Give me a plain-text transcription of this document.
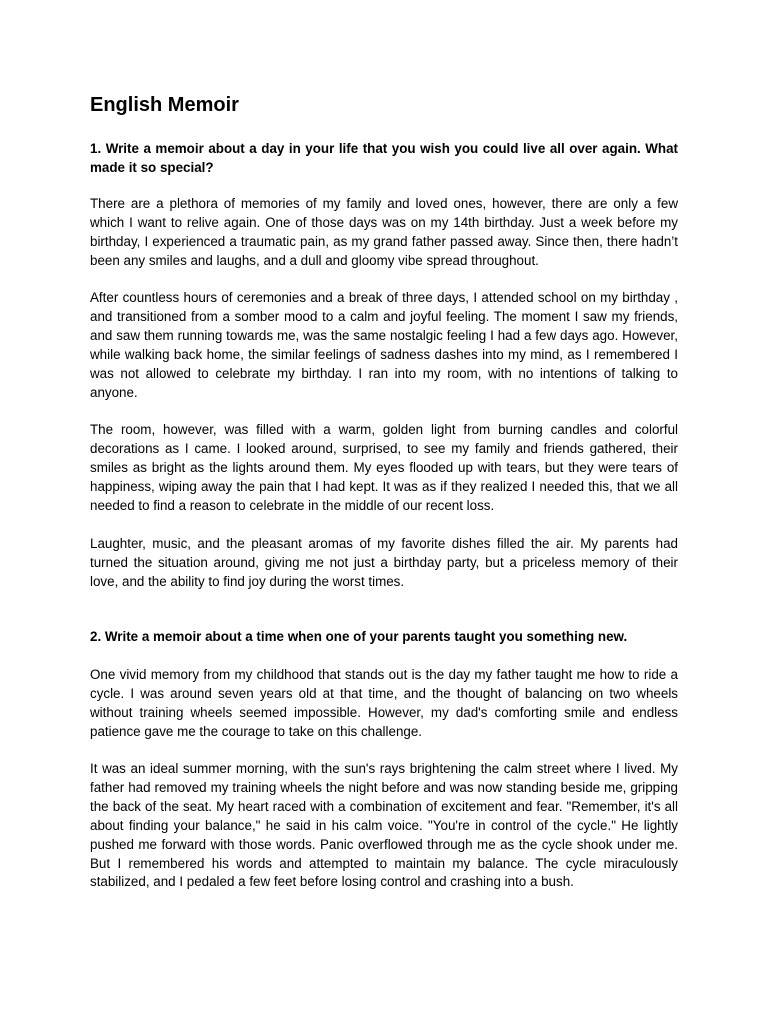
English Memoir

1. Write a memoir about a day in your life that you wish you could live all over again. What made it so special?

There are a plethora of memories of my family and loved ones, however, there are only a few which I want to relive again. One of those days was on my 14th birthday. Just a week before my birthday, I experienced a traumatic pain, as my grand father passed away. Since then, there hadn’t been any smiles and laughs, and a dull and gloomy vibe spread throughout.

After countless hours of ceremonies and a break of three days, I attended school on my birthday , and transitioned from a somber mood to a calm and joyful feeling. The moment I saw my friends, and saw them running towards me, was the same nostalgic feeling I had a few days ago. However, while walking back home, the similar feelings of sadness dashes into my mind, as I remembered I was not allowed to celebrate my birthday. I ran into my room, with no intentions of talking to anyone.

The room, however, was filled with a warm, golden light from burning candles and colorful decorations as I came. I looked around, surprised, to see my family and friends gathered, their smiles as bright as the lights around them. My eyes flooded up with tears, but they were tears of happiness, wiping away the pain that I had kept. It was as if they realized I needed this, that we all needed to find a reason to celebrate in the middle of our recent loss.

Laughter, music, and the pleasant aromas of my favorite dishes filled the air. My parents had turned the situation around, giving me not just a birthday party, but a priceless memory of their love, and the ability to find joy during the worst times.

2. Write a memoir about a time when one of your parents taught you something new.

One vivid memory from my childhood that stands out is the day my father taught me how to ride a cycle. I was around seven years old at that time, and the thought of balancing on two wheels without training wheels seemed impossible. However, my dad's comforting smile and endless patience gave me the courage to take on this challenge.

It was an ideal summer morning, with the sun's rays brightening the calm street where I lived. My father had removed my training wheels the night before and was now standing beside me, gripping the back of the seat. My heart raced with a combination of excitement and fear. "Remember, it's all about finding your balance," he said in his calm voice. "You're in control of the cycle." He lightly pushed me forward with those words. Panic overflowed through me as the cycle shook under me. But I remembered his words and attempted to maintain my balance. The cycle miraculously stabilized, and I pedaled a few feet before losing control and crashing into a bush.
